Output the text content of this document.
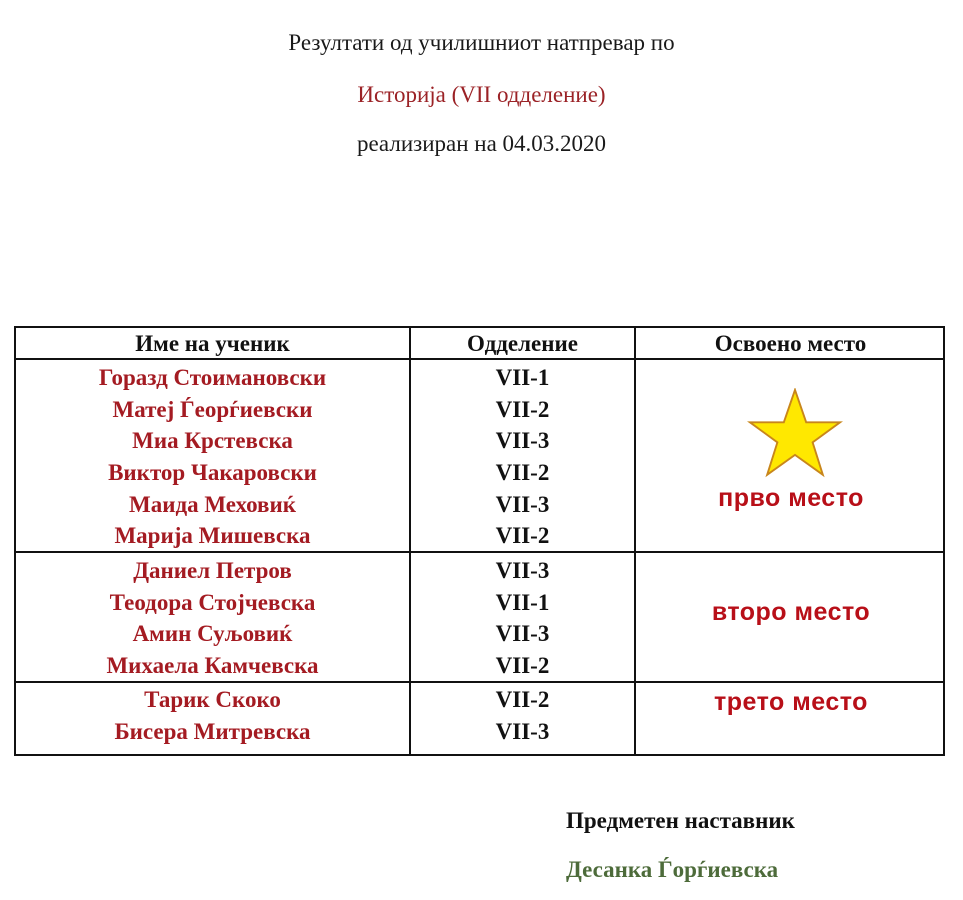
Резултати од училишниот натпревар по
Историја (VII одделение)
реализиран на 04.03.2020
Име на ученик	Одделение	Освоено место
Горазд Стоимановски
Матеј Ѓеорѓиевски
Миа Крстевска
Виктор Чакаровски
Маида Меховиќ
Марија Мишевска
VII-1
VII-2
VII-3
VII-2
VII-3
VII-2
Даниел Петров
Теодора Стојчевска
Амин Суљовиќ
Михаела Камчевска
VII-3
VII-1
VII-3
VII-2
Тарик Скоко
Бисера Митревска
VII-2
VII-3
прво место
второ место
трето место
Предметен наставник
Десанка Ѓорѓиевска
